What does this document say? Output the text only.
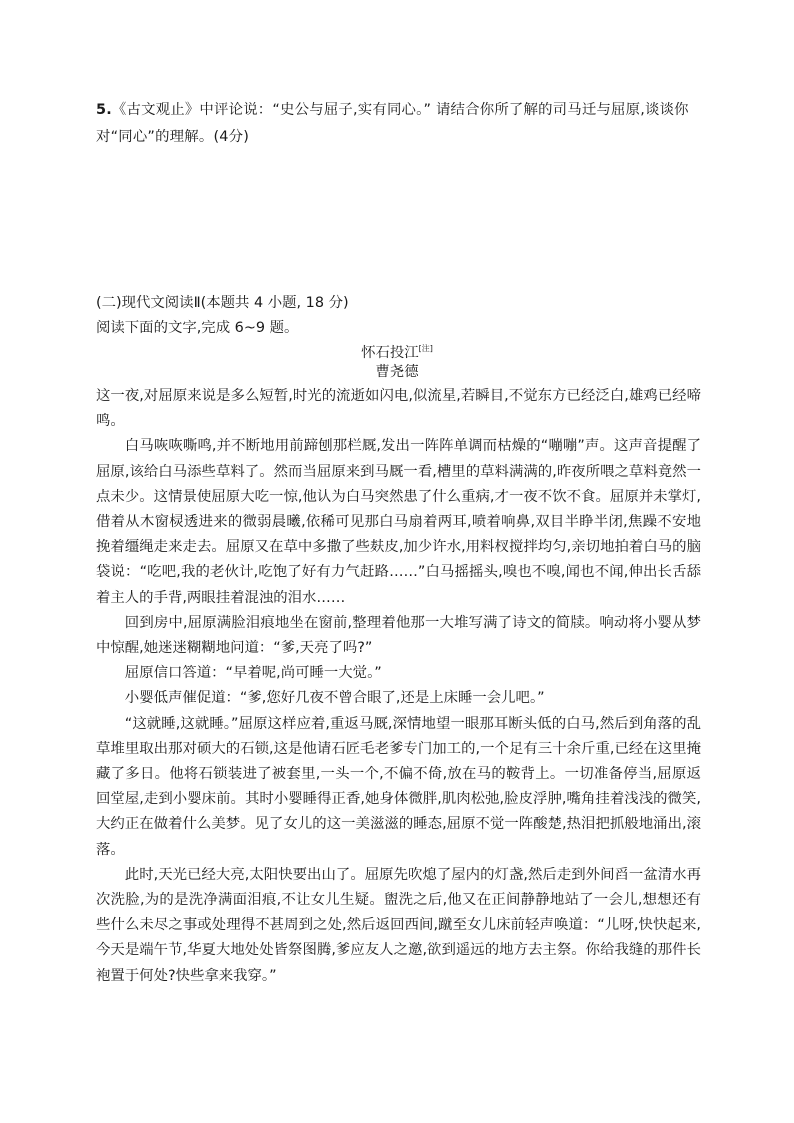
5.《古文观止》中评论说：“史公与屈子,实有同心。” 请结合你所了解的司马迁与屈原,谈谈你对“同心”的理解。(4分)
(二)现代文阅读Ⅱ(本题共 4 小题, 18 分)
阅读下面的文字,完成 6~9 题。
怀石投江[注]
曹尧德

这一夜,对屈原来说是多么短暂,时光的流逝如闪电,似流星,若瞬目,不觉东方已经泛白,雄鸡已经啼鸣。

白马咴咴嘶鸣,并不断地用前蹄刨那栏厩,发出一阵阵单调而枯燥的“嘣嘣”声。这声音提醒了屈原,该给白马添些草料了。然而当屈原来到马厩一看,槽里的草料满满的,昨夜所喂之草料竟然一点未少。这情景使屈原大吃一惊,他认为白马突然患了什么重病,才一夜不饮不食。屈原并未掌灯,借着从木窗棂透进来的微弱晨曦,依稀可见那白马扇着两耳,喷着响鼻,双目半睁半闭,焦躁不安地挽着缰绳走来走去。屈原又在草中多撒了些麸皮,加少许水,用料杈搅拌均匀,亲切地拍着白马的脑袋说：“吃吧,我的老伙计,吃饱了好有力气赶路……”白马摇摇头,嗅也不嗅,闻也不闻,伸出长舌舔着主人的手背,两眼挂着混浊的泪水……

回到房中,屈原满脸泪痕地坐在窗前,整理着他那一大堆写满了诗文的简牍。响动将小婴从梦中惊醒,她迷迷糊糊地问道：“爹,天亮了吗?”

屈原信口答道：“早着呢,尚可睡一大觉。”

小婴低声催促道：“爹,您好几夜不曾合眼了,还是上床睡一会儿吧。”

“这就睡,这就睡。”屈原这样应着,重返马厩,深情地望一眼那耳断头低的白马,然后到角落的乱草堆里取出那对硕大的石锁,这是他请石匠毛老爹专门加工的,一个足有三十余斤重,已经在这里掩藏了多日。他将石锁装进了被套里,一头一个,不偏不倚,放在马的鞍背上。一切准备停当,屈原返回堂屋,走到小婴床前。其时小婴睡得正香,她身体微胖,肌肉松弛,脸皮浮肿,嘴角挂着浅浅的微笑,大约正在做着什么美梦。见了女儿的这一美滋滋的睡态,屈原不觉一阵酸楚,热泪把抓般地涌出,滚落。

此时,天光已经大亮,太阳快要出山了。屈原先吹熄了屋内的灯盏,然后走到外间舀一盆清水再次洗脸,为的是洗净满面泪痕,不让女儿生疑。盥洗之后,他又在正间静静地站了一会儿,想想还有些什么未尽之事或处理得不甚周到之处,然后返回西间,蹴至女儿床前轻声唤道：“儿呀,快快起来,今天是端午节,华夏大地处处皆祭图腾,爹应友人之邀,欲到遥远的地方去主祭。你给我缝的那件长袍置于何处?快些拿来我穿。”
